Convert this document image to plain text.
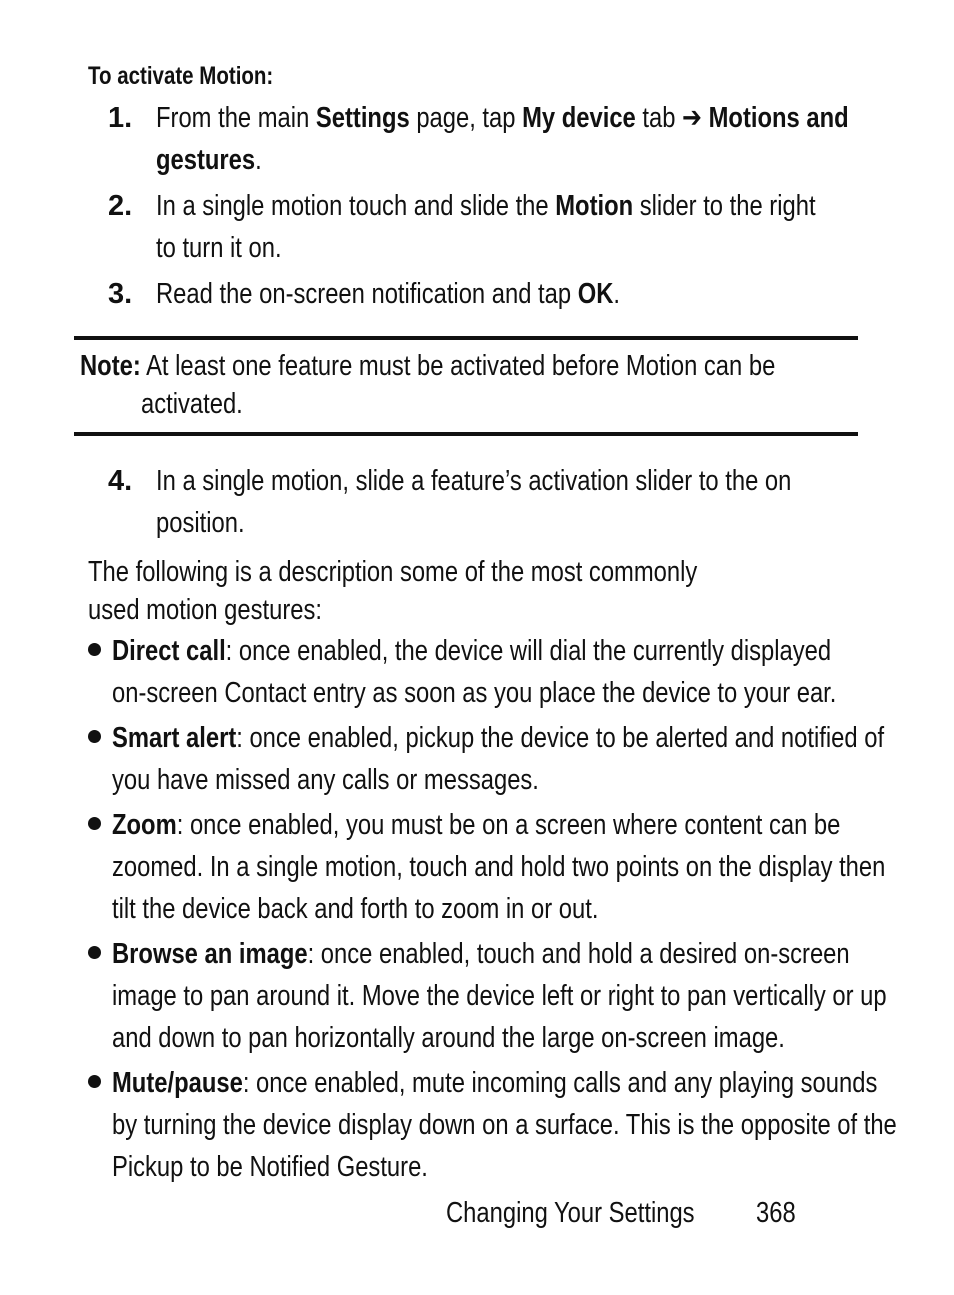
To activate Motion:
1. From the main Settings page, tap My device tab ➔ Motions and
gestures.
2. In a single motion touch and slide the Motion slider to the right
to turn it on.
3. Read the on-screen notification and tap OK.
Note: At least one feature must be activated before Motion can be
activated.
4. In a single motion, slide a feature’s activation slider to the on
position.
The following is a description some of the most commonly
used motion gestures:
Direct call: once enabled, the device will dial the currently displayed
on-screen Contact entry as soon as you place the device to your ear.
Smart alert: once enabled, pickup the device to be alerted and notified of
you have missed any calls or messages.
Zoom: once enabled, you must be on a screen where content can be
zoomed. In a single motion, touch and hold two points on the display then
tilt the device back and forth to zoom in or out.
Browse an image: once enabled, touch and hold a desired on-screen
image to pan around it. Move the device left or right to pan vertically or up
and down to pan horizontally around the large on-screen image.
Mute/pause: once enabled, mute incoming calls and any playing sounds
by turning the device display down on a surface. This is the opposite of the
Pickup to be Notified Gesture.
Changing Your Settings	368
